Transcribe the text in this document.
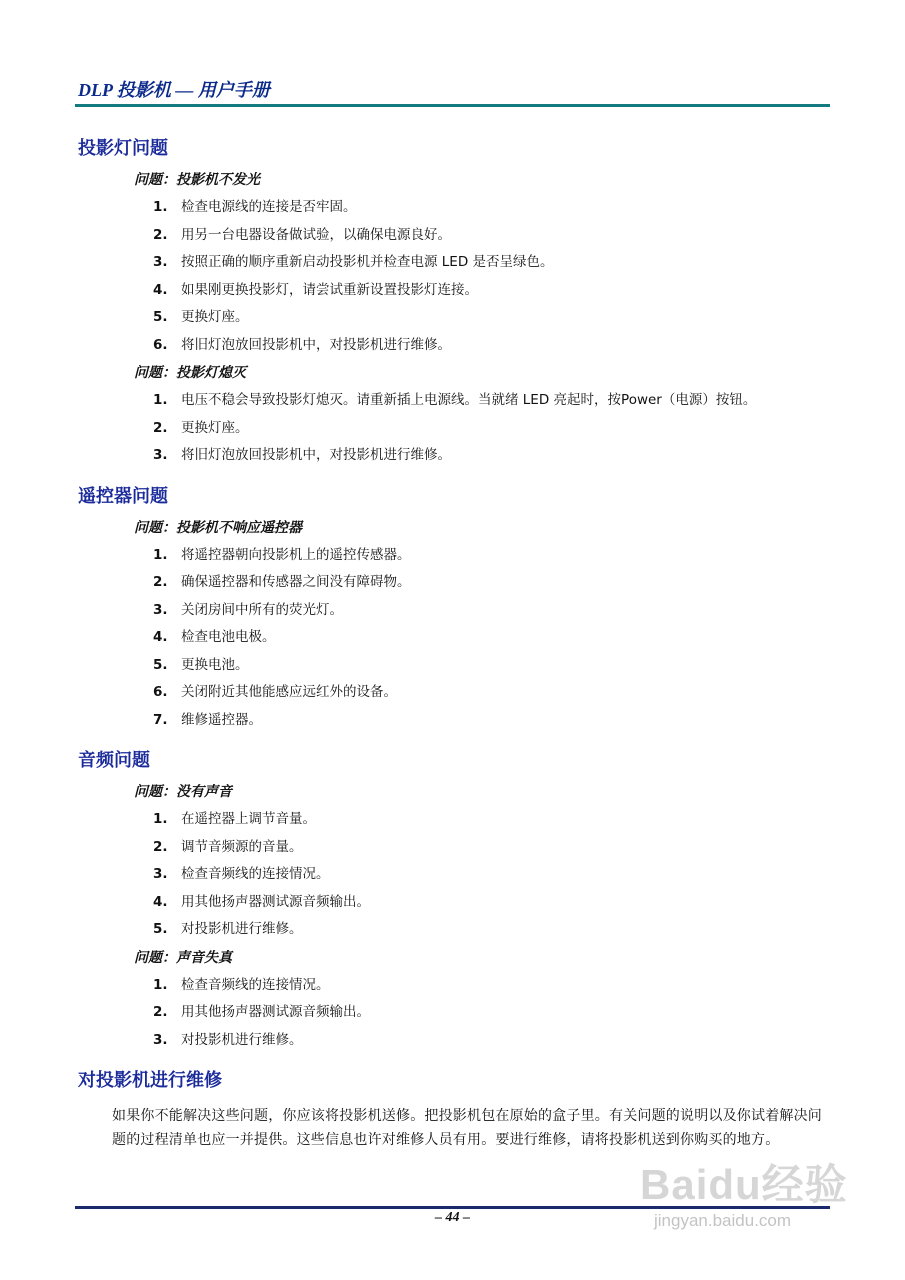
DLP 投影机 — 用户手册
投影灯问题
问题：投影机不发光
1. 检查电源线的连接是否牢固。
2. 用另一台电器设备做试验，以确保电源良好。
3. 按照正确的顺序重新启动投影机并检查电源 LED 是否呈绿色。
4. 如果刚更换投影灯，请尝试重新设置投影灯连接。
5. 更换灯座。
6. 将旧灯泡放回投影机中，对投影机进行维修。
问题：投影灯熄灭
1. 电压不稳会导致投影灯熄灭。请重新插上电源线。当就绪 LED 亮起时，按Power（电源）按钮。
2. 更换灯座。
3. 将旧灯泡放回投影机中，对投影机进行维修。
遥控器问题
问题：投影机不响应遥控器
1. 将遥控器朝向投影机上的遥控传感器。
2. 确保遥控器和传感器之间没有障碍物。
3. 关闭房间中所有的荧光灯。
4. 检查电池电极。
5. 更换电池。
6. 关闭附近其他能感应远红外的设备。
7. 维修遥控器。
音频问题
问题：没有声音
1. 在遥控器上调节音量。
2. 调节音频源的音量。
3. 检查音频线的连接情况。
4. 用其他扬声器测试源音频输出。
5. 对投影机进行维修。
问题：声音失真
1. 检查音频线的连接情况。
2. 用其他扬声器测试源音频输出。
3. 对投影机进行维修。
对投影机进行维修
如果你不能解决这些问题，你应该将投影机送修。把投影机包在原始的盒子里。有关问题的说明以及你试着解决问题的过程清单也应一并提供。这些信息也许对维修人员有用。要进行维修，请将投影机送到你购买的地方。
– 44 –
Baidu经验
jingyan.baidu.com
